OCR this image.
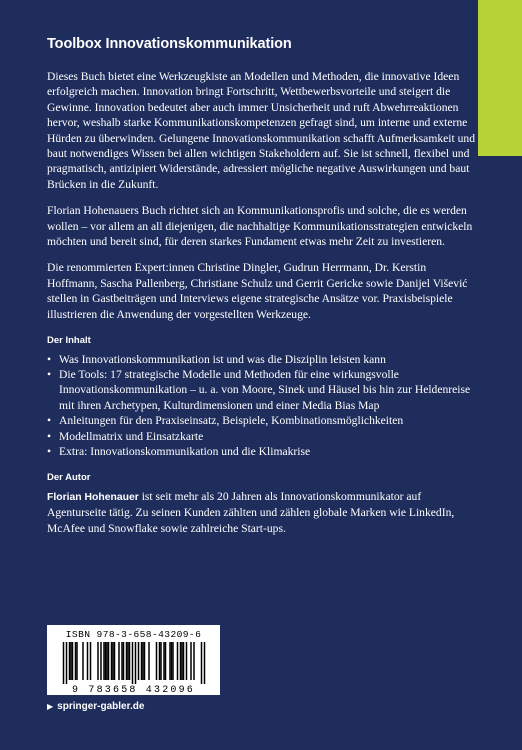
Toolbox Innovationskommunikation

Dieses Buch bietet eine Werkzeugkiste an Modellen und Methoden, die innovative Ideen erfolgreich machen. Innovation bringt Fortschritt, Wettbewerbsvorteile und steigert die Gewinne. Innovation bedeutet aber auch immer Unsicherheit und ruft Abwehrreaktionen hervor, weshalb starke Kommunikationskompetenzen gefragt sind, um interne und externe Hürden zu überwinden. Gelungene Innovationskommunikation schafft Aufmerksamkeit und baut notwendiges Wissen bei allen wichtigen Stakeholdern auf. Sie ist schnell, flexibel und pragmatisch, antizipiert Widerstände, adressiert mögliche negative Auswirkungen und baut Brücken in die Zukunft.

Florian Hohenauers Buch richtet sich an Kommunikationsprofis und solche, die es werden wollen – vor allem an all diejenigen, die nachhaltige Kommunikationsstrategien entwickeln möchten und bereit sind, für deren starkes Fundament etwas mehr Zeit zu investieren.

Die renommierten Expert:innen Christine Dingler, Gudrun Herrmann, Dr. Kerstin Hoffmann, Sascha Pallenberg, Christiane Schulz und Gerrit Gericke sowie Danijel Višević stellen in Gastbeiträgen und Interviews eigene strategische Ansätze vor. Praxisbeispiele illustrieren die Anwendung der vorgestellten Werkzeuge.

Der Inhalt
• Was Innovationskommunikation ist und was die Disziplin leisten kann
• Die Tools: 17 strategische Modelle und Methoden für eine wirkungsvolle Innovationskommunikation – u. a. von Moore, Sinek und Häusel bis hin zur Heldenreise mit ihren Archetypen, Kulturdimensionen und einer Media Bias Map
• Anleitungen für den Praxiseinsatz, Beispiele, Kombinationsmöglichkeiten
• Modellmatrix und Einsatzkarte
• Extra: Innovationskommunikation und die Klimakrise
Der Autor

Florian Hohenauer ist seit mehr als 20 Jahren als Innovationskommunikator auf Agenturseite tätig. Zu seinen Kunden zählten und zählen globale Marken wie LinkedIn, McAfee und Snowflake sowie zahlreiche Start-ups.

ISBN 978-3-658-43209-6
9 783658 432096
▶ springer-gabler.de
